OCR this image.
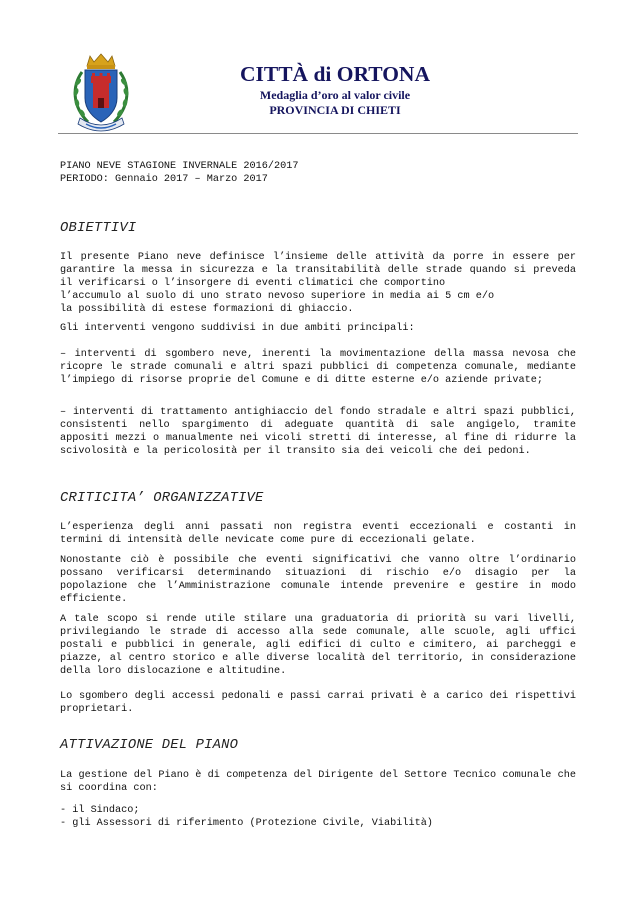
CITTÀ di ORTONA
Medaglia d’oro al valor civile
PROVINCIA DI CHIETI
PIANO NEVE STAGIONE INVERNALE 2016/2017
PERIODO: Gennaio 2017 – Marzo 2017
OBIETTIVI
Il presente Piano neve definisce l’insieme delle attività da porre in essere per garantire la messa in sicurezza e la transitabilità delle strade quando si preveda il verificarsi o l’insorgere di eventi climatici che comportino
l’accumulo al suolo di uno strato nevoso superiore in media ai 5 cm e/o
la possibilità di estese formazioni di ghiaccio.
Gli interventi vengono suddivisi in due ambiti principali:
– interventi di sgombero neve, inerenti la movimentazione della massa nevosa che ricopre le strade comunali e altri spazi pubblici di competenza comunale, mediante l’impiego di risorse proprie del Comune e di ditte esterne e/o aziende private;
– interventi di trattamento antighiaccio del fondo stradale e altri spazi pubblici, consistenti nello spargimento di adeguate quantità di sale angigelo, tramite appositi mezzi o manualmente nei vicoli stretti di interesse, al fine di ridurre la scivolosità e la pericolosità per il transito sia dei veicoli che dei pedoni.
CRITICITA’ ORGANIZZATIVE
L’esperienza degli anni passati non registra eventi eccezionali e costanti in termini di intensità delle nevicate come pure di eccezionali gelate.
Nonostante ciò è possibile che eventi significativi che vanno oltre l’ordinario possano verificarsi determinando situazioni di rischio e/o disagio per la popolazione che l’Amministrazione comunale intende prevenire e gestire in modo efficiente.
A tale scopo si rende utile stilare una graduatoria di priorità su vari livelli, privilegiando le strade di accesso alla sede comunale, alle scuole, agli uffici postali e pubblici in generale, agli edifici di culto e cimitero, ai parcheggi e piazze, al centro storico e alle diverse località del territorio, in considerazione della loro dislocazione e altitudine.
Lo sgombero degli accessi pedonali e passi carrai privati è a carico dei rispettivi proprietari.
ATTIVAZIONE DEL PIANO
La gestione del Piano è di competenza del Dirigente del Settore Tecnico comunale che si coordina con:
- il Sindaco;
- gli Assessori di riferimento (Protezione Civile, Viabilità)
